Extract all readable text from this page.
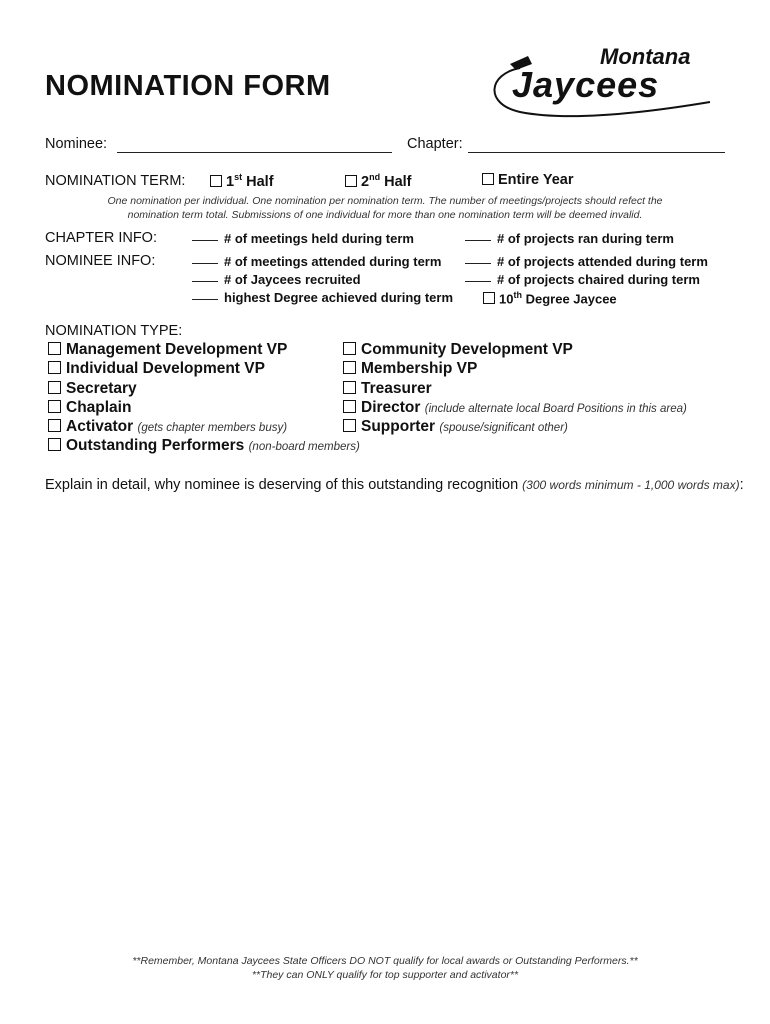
NOMINATION FORM
Montana
Jaycees
Nominee:	Chapter:
NOMINATION TERM:	1st Half	2nd Half	Entire Year
One nomination per individual. One nomination per nomination term. The number of meetings/projects should refect the
nomination term total. Submissions of one individual for more than one nomination term will be deemed invalid.
CHAPTER INFO:	# of meetings held during term	# of projects ran during term
NOMINEE INFO:	# of meetings attended during term	# of projects attended during term
# of Jaycees recruited	# of projects chaired during term
highest Degree achieved during term	10th Degree Jaycee
NOMINATION TYPE:
Management Development VP	Community Development VP
Individual Development VP	Membership VP
Secretary	Treasurer
Chaplain	Director (include alternate local Board Positions in this area)
Activator (gets chapter members busy)	Supporter (spouse/significant other)
Outstanding Performers (non-board members)
Explain in detail, why nominee is deserving of this outstanding recognition (300 words minimum - 1,000 words max):
**Remember, Montana Jaycees State Officers DO NOT qualify for local awards or Outstanding Performers.**
**They can ONLY qualify for top supporter and activator**
